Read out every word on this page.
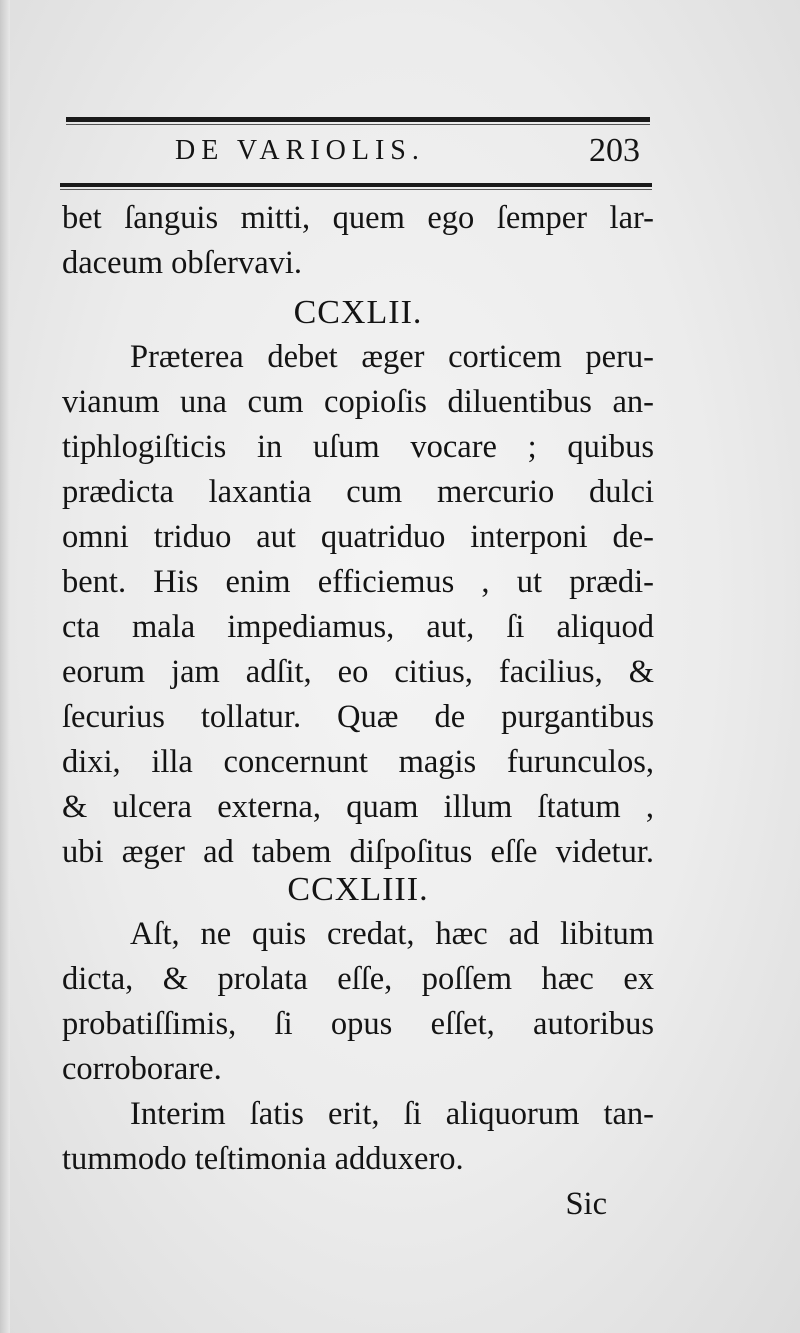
DE VARIOLIS.	203
bet ſanguis mitti, quem ego ſemper lar-
daceum obſervavi.
CCXLII.
Præterea debet æger corticem peru-
vianum una cum copioſis diluentibus an-
tiphlogiſticis in uſum vocare ; quibus
prædicta laxantia cum mercurio dulci
omni triduo aut quatriduo interponi de-
bent. His enim efficiemus , ut prædi-
cta mala impediamus, aut, ſi aliquod
eorum jam adſit, eo citius, facilius, &
ſecurius tollatur. Quæ de purgantibus
dixi, illa concernunt magis furunculos,
& ulcera externa, quam illum ſtatum ,
ubi æger ad tabem diſpoſitus eſſe videtur.
CCXLIII.
Aſt, ne quis credat, hæc ad libitum
dicta, & prolata eſſe, poſſem hæc ex
probatiſſimis, ſi opus eſſet, autoribus
corroborare.
Interim ſatis erit, ſi aliquorum tan-
tummodo teſtimonia adduxero.
Sic
